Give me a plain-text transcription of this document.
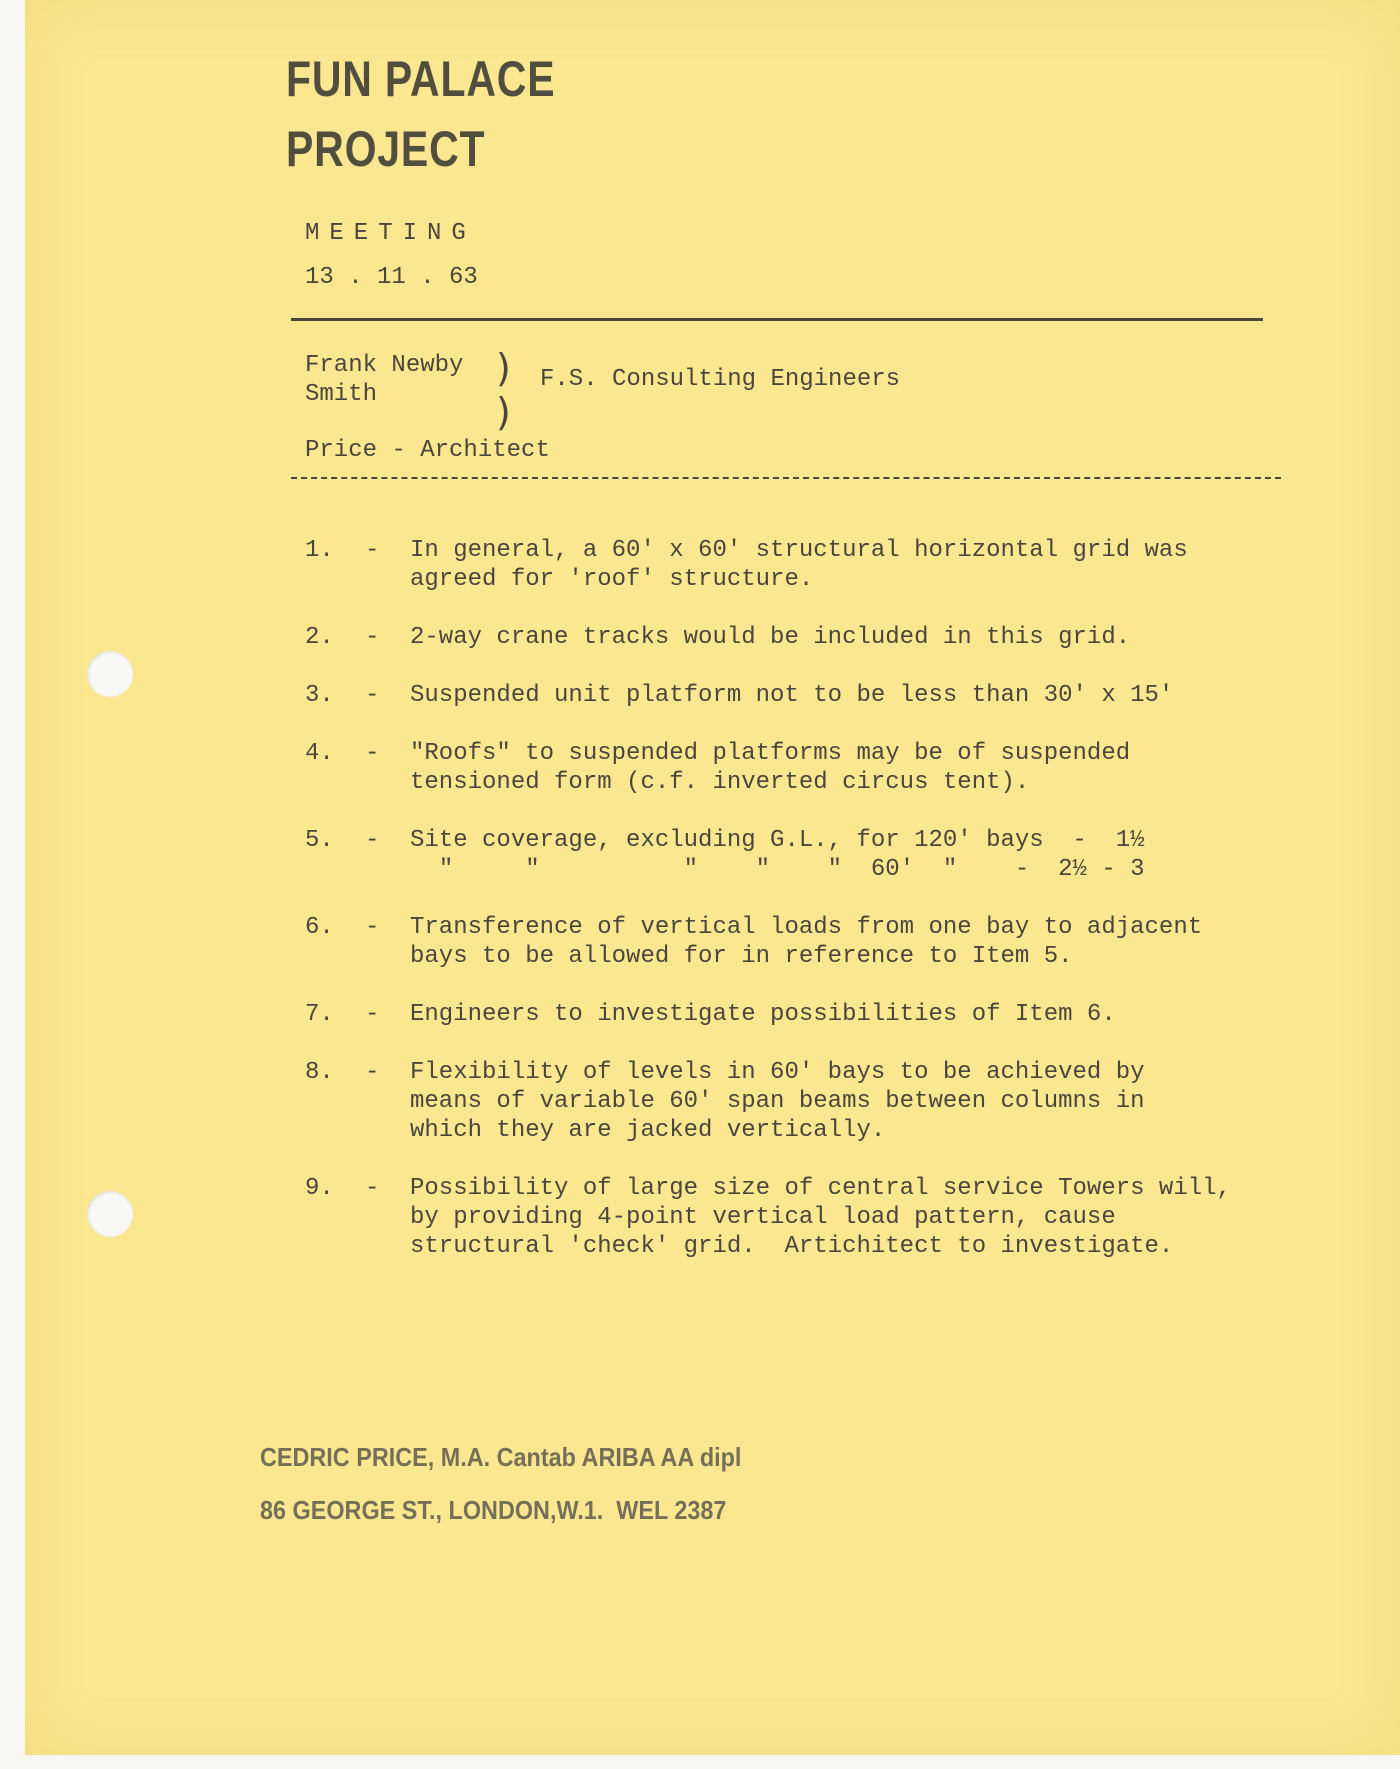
FUN PALACE
PROJECT
MEETING
13 . 11 . 63
Frank Newby
Smith
)
)
F.S. Consulting Engineers
Price - Architect
1.	-	In general, a 60' x 60' structural horizontal grid was
agreed for 'roof' structure.
2.	-	2-way crane tracks would be included in this grid.
3.	-	Suspended unit platform not to be less than 30' x 15'
4.	-	"Roofs" to suspended platforms may be of suspended
tensioned form (c.f. inverted circus tent).
5.	-	Site coverage, excluding G.L., for 120' bays  -  1½
"     "          "    "    "  60'  "    -  2½ - 3
6.	-	Transference of vertical loads from one bay to adjacent
bays to be allowed for in reference to Item 5.
7.	-	Engineers to investigate possibilities of Item 6.
8.	-	Flexibility of levels in 60' bays to be achieved by
means of variable 60' span beams between columns in
which they are jacked vertically.
9.	-	Possibility of large size of central service Towers will,
by providing 4-point vertical load pattern, cause
structural 'check' grid.  Artichitect to investigate.
CEDRIC PRICE, M.A. Cantab ARIBA AA dipl
86 GEORGE ST., LONDON,W.1.  WEL 2387
